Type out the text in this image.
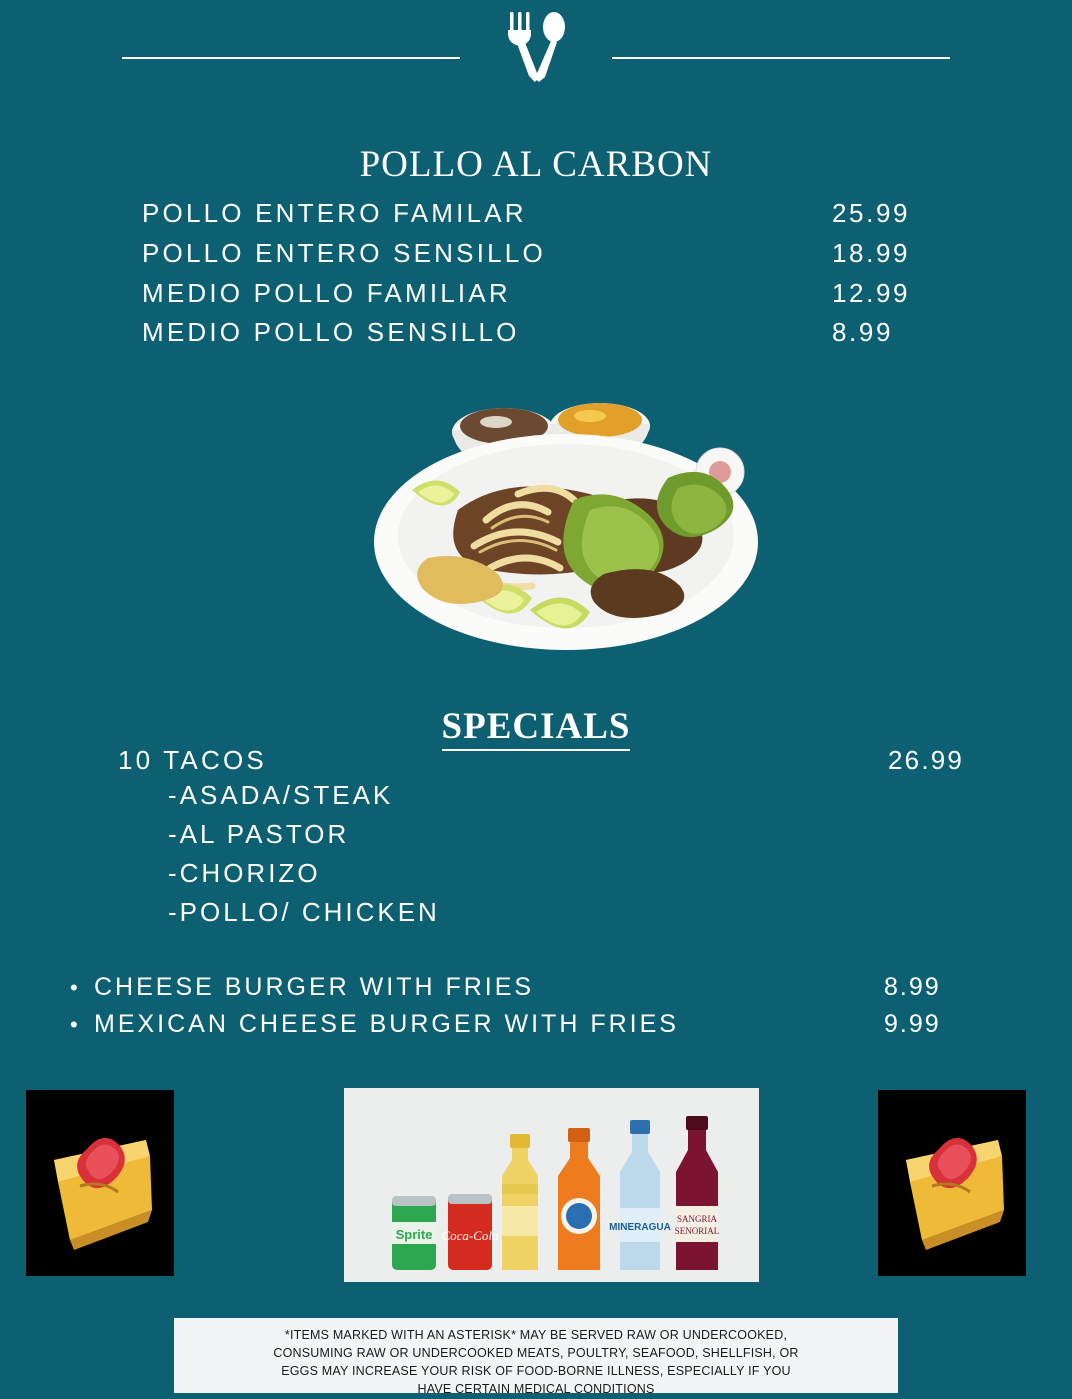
POLLO AL CARBON
POLLO ENTERO FAMILAR	25.99
POLLO ENTERO SENSILLO	18.99
MEDIO POLLO FAMILIAR	12.99
MEDIO POLLO SENSILLO	8.99
SPECIALS
10 TACOS	26.99
-ASADA/STEAK
-AL PASTOR
-CHORIZO
-POLLO/ CHICKEN
• CHEESE BURGER WITH FRIES	8.99
• MEXICAN CHEESE BURGER WITH FRIES	9.99
Sprite Coca-Cola
MINERAGUA
SANGRIA
SENORIAL
*ITEMS MARKED WITH AN ASTERISK* MAY BE SERVED RAW OR UNDERCOOKED,
CONSUMING RAW OR UNDERCOOKED MEATS, POULTRY, SEAFOOD, SHELLFISH, OR
EGGS MAY INCREASE YOUR RISK OF FOOD-BORNE ILLNESS, ESPECIALLY IF YOU
HAVE CERTAIN MEDICAL CONDITIONS
